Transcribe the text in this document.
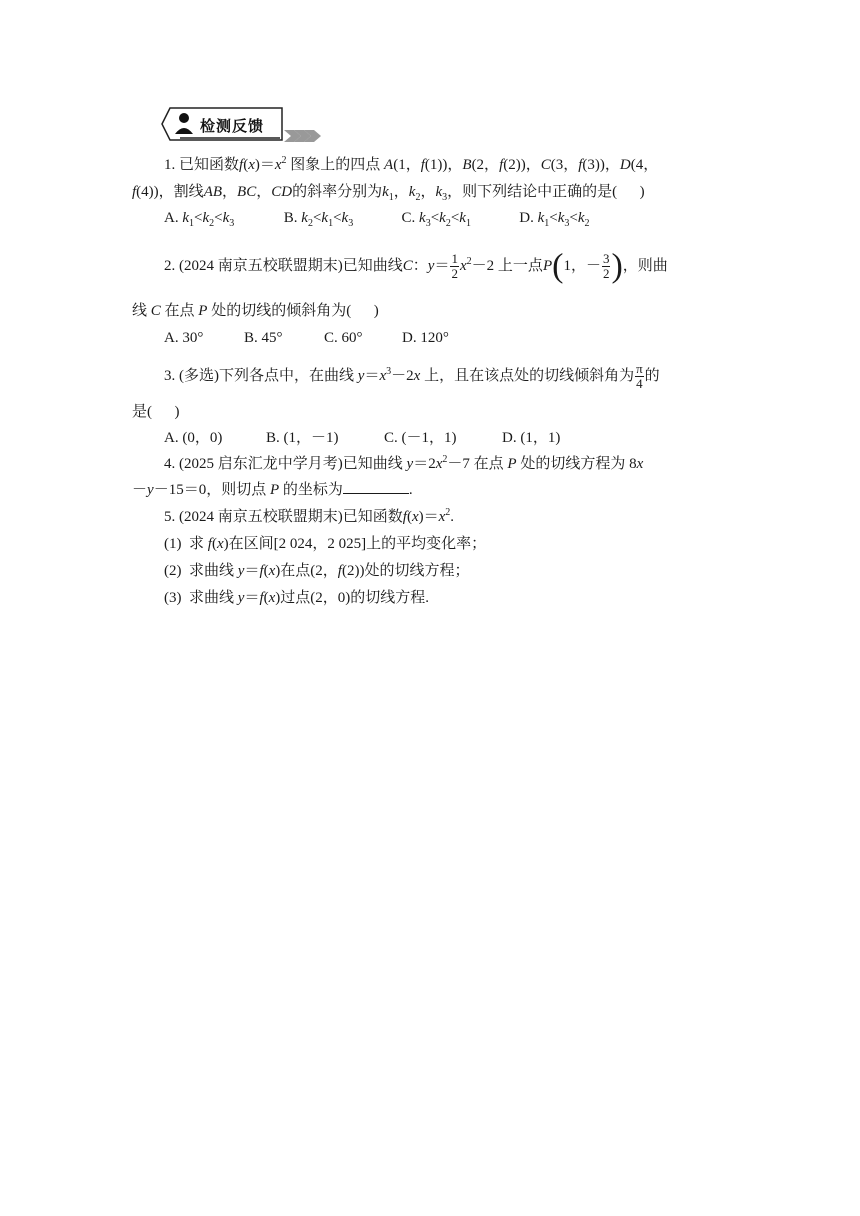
检测反馈
1. 已知函数$f(x)=x^2$ 图象上的四点 A(1，f(1))，B(2，f(2))，C(3，f(3))，D(4，
f(4))，割线AB，BC，CD的斜率分别为$k_1$，$k_2$，$k_3$，则下列结论中正确的是(   )
A. $k_1<k_2<k_3$	B. $k_2<k_1<k_3$	C. $k_3<k_2<k_1$	D. $k_1<k_3<k_2$
2. (2024 南京五校联盟期末)已知曲线C：$y= \frac{1}{2} x^2-2$ 上一点P(1，－ $\frac{3}{2}$ )，则曲
线 C 在点 P 处的切线的倾斜角为(   )
A. 30°	B. 45°	C. 60°	D. 120°
3. (多选)下列各点中，在曲线 $y=x^3-2x$ 上，且在该点处的切线倾斜角为 $\frac{\pi}{4}$ 的
是(   )
A. (0，0)	B. (1，－1)	C. (－1，1)	D. (1，1)
4. (2025 启东汇龙中学月考)已知曲线 $y=2x^2-7$ 在点 P 处的切线方程为 8x
－y－15＝0，则切点 P 的坐标为	.
5. (2024 南京五校联盟期末)已知函数$f(x)=x^2$.
(1)  求 f(x)在区间[2 024，2 025]上的平均变化率；
(2)  求曲线 y＝f(x)在点(2，f(2))处的切线方程；
(3)  求曲线 y＝f(x)过点(2，0)的切线方程.
